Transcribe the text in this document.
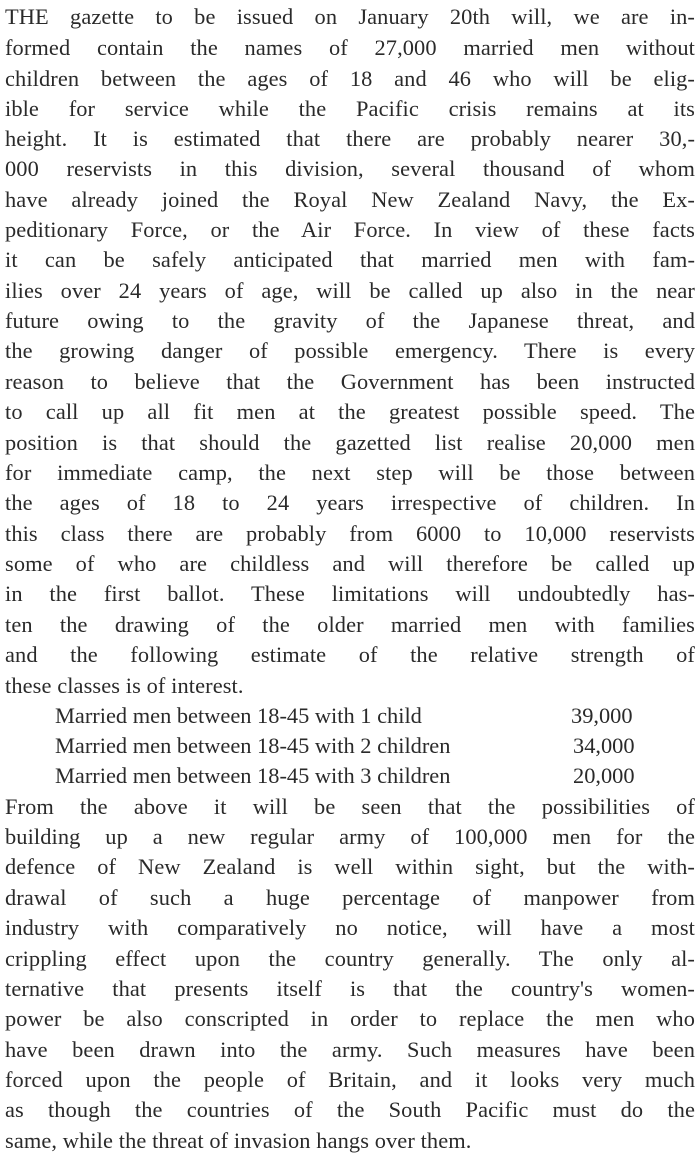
THE gazette to be issued on January 20th will, we are in-
formed contain the names of 27,000 married men without
children between the ages of 18 and 46 who will be elig-
ible for service while the Pacific crisis remains at its
height. It is estimated that there are probably nearer 30,-
000 reservists in this division, several thousand of whom
have already joined the Royal New Zealand Navy, the Ex-
peditionary Force, or the Air Force. In view of these facts
it can be safely anticipated that married men with fam-
ilies over 24 years of age, will be called up also in the near
future owing to the gravity of the Japanese threat, and
the growing danger of possible emergency. There is every
reason to believe that the Government has been instructed
to call up all fit men at the greatest possible speed. The
position is that should the gazetted list realise 20,000 men
for immediate camp, the next step will be those between
the ages of 18 to 24 years irrespective of children. In
this class there are probably from 6000 to 10,000 reservists
some of who are childless and will therefore be called up
in the first ballot. These limitations will undoubtedly has-
ten the drawing of the older married men with families
and the following estimate of the relative strength of
these classes is of interest.
Married men between 18-45 with 1 child	39,000
Married men between 18-45 with 2 children	34,000
Married men between 18-45 with 3 children	20,000
From the above it will be seen that the possibilities of
building up a new regular army of 100,000 men for the
defence of New Zealand is well within sight, but the with-
drawal of such a huge percentage of manpower from
industry with comparatively no notice, will have a most
crippling effect upon the country generally. The only al-
ternative that presents itself is that the country's women-
power be also conscripted in order to replace the men who
have been drawn into the army. Such measures have been
forced upon the people of Britain, and it looks very much
as though the countries of the South Pacific must do the
same, while the threat of invasion hangs over them.
